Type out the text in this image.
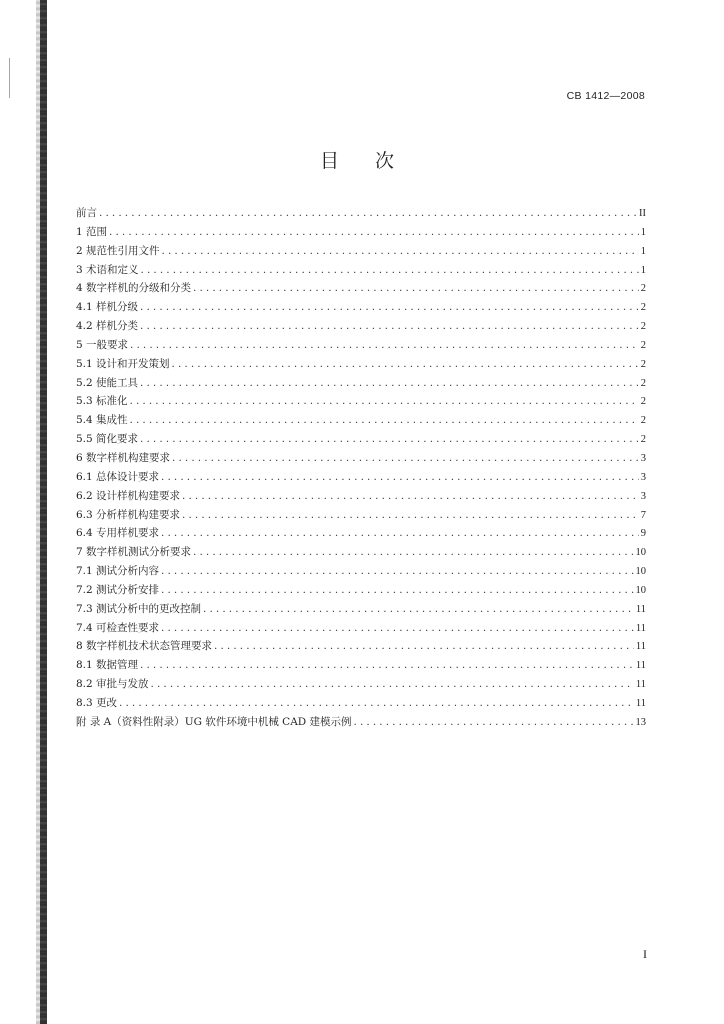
CB 1412—2008
目 次
前言 .....	II
1 范围 .....	1
2 规范性引用文件 .....	1
3 术语和定义 .....	1
4 数字样机的分级和分类 .....	2
4.1 样机分级 .....	2
4.2 样机分类 .....	2
5 一般要求 .....	2
5.1 设计和开发策划 .....	2
5.2 使能工具 .....	2
5.3 标准化 .....	2
5.4 集成性 .....	2
5.5 简化要求 .....	2
6 数字样机构建要求 .....	3
6.1 总体设计要求 .....	3
6.2 设计样机构建要求 .....	3
6.3 分析样机构建要求 .....	7
6.4 专用样机要求 .....	9
7 数字样机测试分析要求 .....	10
7.1 测试分析内容 .....	10
7.2 测试分析安排 .....	10
7.3 测试分析中的更改控制 .....	11
7.4 可检查性要求 .....	11
8 数字样机技术状态管理要求 .....	11
8.1 数据管理 .....	11
8.2 审批与发放 .....	11
8.3 更改 .....	11
附 录 A（资料性附录）UG 软件环境中机械 CAD 建模示例 .....	13
I
